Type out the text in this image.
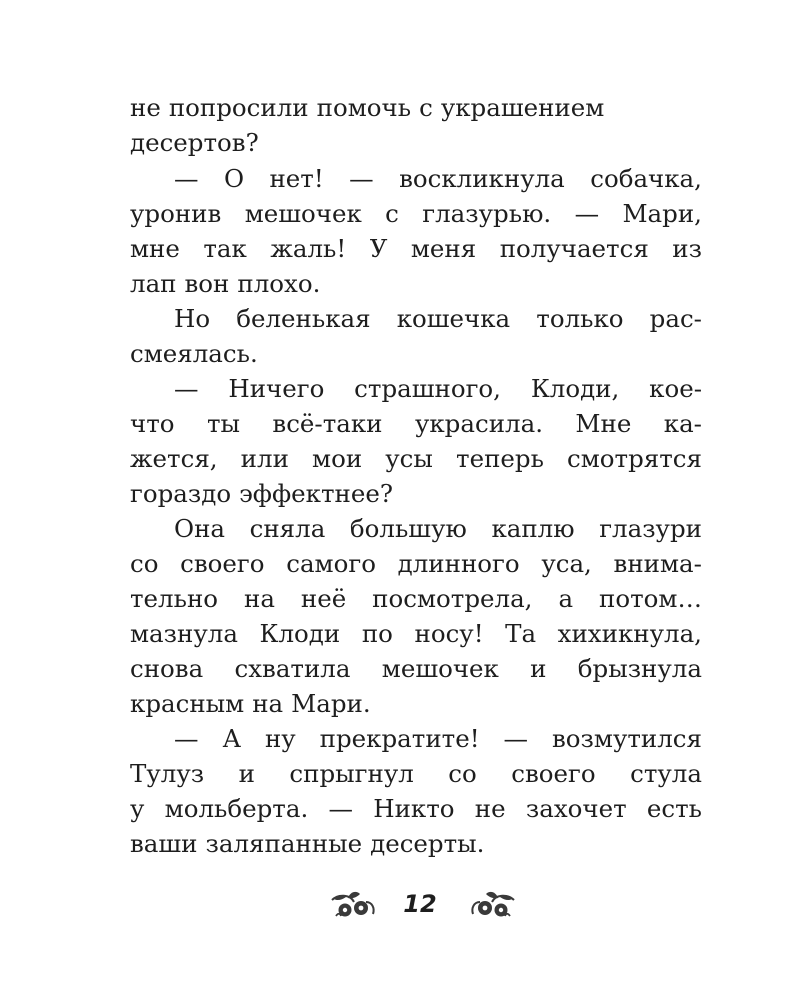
не попросили помочь с украшением
десертов?
— О нет! — воскликнула собачка,
уронив мешочек с глазурью. — Мари,
мне так жаль! У меня получается из
лап вон плохо.
Но беленькая кошечка только рас-
смеялась.
— Ничего страшного, Клоди, кое-
что ты всё-таки украсила. Мне ка-
жется, или мои усы теперь смотрятся
гораздо эффектнее?
Она сняла большую каплю глазури
со своего самого длинного уса, внима-
тельно на неё посмотрела, а потом…
мазнула Клоди по носу! Та хихикнула,
снова схватила мешочек и брызнула
красным на Мари.
— А ну прекратите! — возмутился
Тулуз и спрыгнул со своего стула
у мольберта. — Никто не захочет есть
ваши заляпанные десерты.
12
